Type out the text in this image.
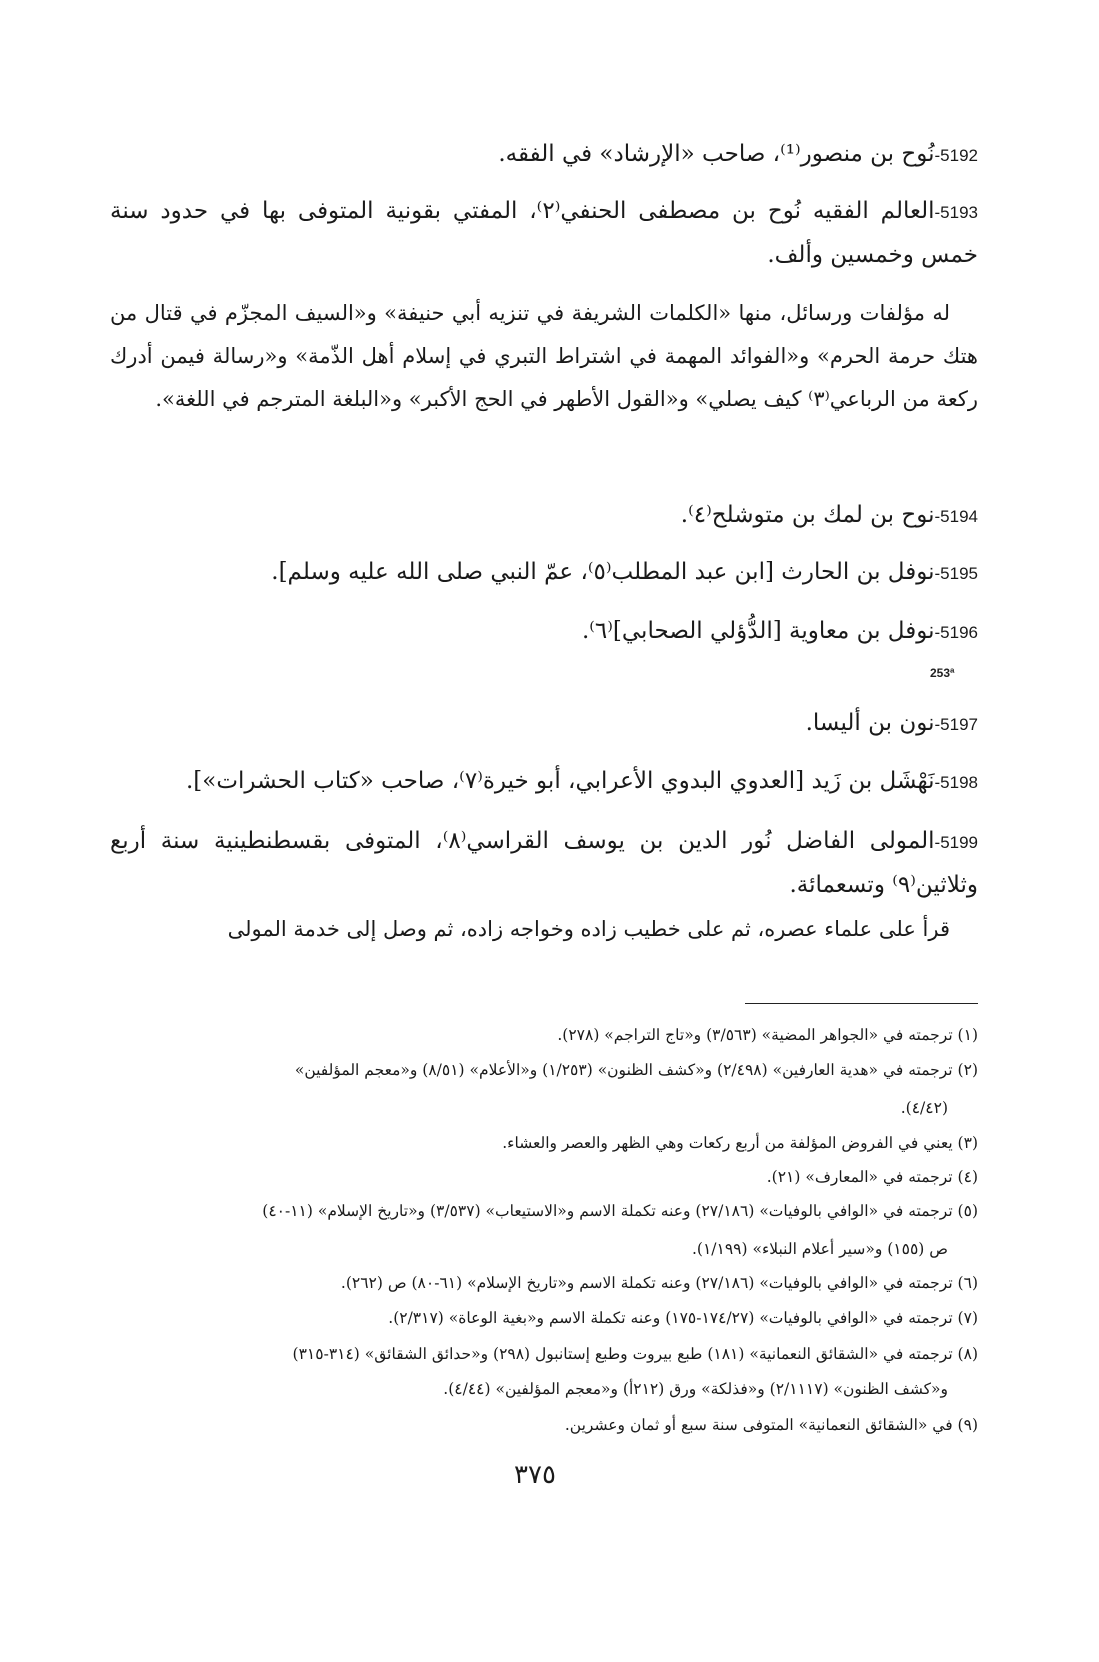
5192-نُوح بن منصور⁽¹⁾، صاحب «الإرشاد» في الفقه.

5193-العالم الفقيه نُوح بن مصطفى الحنفي⁽٢⁾، المفتي بقونية المتوفى بها في حدود سنة خمس وخمسين وألف.

له مؤلفات ورسائل، منها «الكلمات الشريفة في تنزيه أبي حنيفة» و«السيف المجزّم في قتال من هتك حرمة الحرم» و«الفوائد المهمة في اشتراط التبري في إسلام أهل الذّمة» و«رسالة فيمن أدرك ركعة من الرباعي⁽٣⁾ كيف يصلي» و«القول الأطهر في الحج الأكبر» و«البلغة المترجم في اللغة».

5194-نوح بن لمك بن متوشلح⁽٤⁾.

5195-نوفل بن الحارث [ابن عبد المطلب⁽٥⁾، عمّ النبي صلى الله عليه وسلم].

5196-نوفل بن معاوية [الدُّؤلي الصحابي]⁽٦⁾.

253ª

5197-نون بن أليسا.

5198-نَهْشَل بن زَيد [العدوي البدوي الأعرابي، أبو خيرة⁽٧⁾، صاحب «كتاب الحشرات»].

5199-المولى الفاضل نُور الدين بن يوسف القراسي⁽٨⁾، المتوفى بقسطنطينية سنة أربع وثلاثين⁽٩⁾ وتسعمائة.

قرأ على علماء عصره، ثم على خطيب زاده وخواجه زاده، ثم وصل إلى خدمة المولى

(١) ترجمته في «الجواهر المضية» (٣/٥٦٣) و«تاج التراجم» (٢٧٨).

(٢) ترجمته في «هدية العارفين» (٢/٤٩٨) و«كشف الظنون» (١/٢٥٣) و«الأعلام» (٨/٥١) و«معجم المؤلفين»

(٤/٤٢).

(٣) يعني في الفروض المؤلفة من أربع ركعات وهي الظهر والعصر والعشاء.

(٤) ترجمته في «المعارف» (٢١).

(٥) ترجمته في «الوافي بالوفيات» (٢٧/١٨٦) وعنه تكملة الاسم و«الاستيعاب» (٣/٥٣٧) و«تاريخ الإسلام» (١١-٤٠)

ص (١٥٥) و«سير أعلام النبلاء» (١/١٩٩).

(٦) ترجمته في «الوافي بالوفيات» (٢٧/١٨٦) وعنه تكملة الاسم و«تاريخ الإسلام» (٦١-٨٠) ص (٢٦٢).

(٧) ترجمته في «الوافي بالوفيات» (١٧٤/٢٧-١٧٥) وعنه تكملة الاسم و«بغية الوعاة» (٢/٣١٧).

(٨) ترجمته في «الشقائق النعمانية» (١٨١) طبع بيروت وطبع إستانبول (٢٩٨) و«حدائق الشقائق» (٣١٤-٣١٥)

و«كشف الظنون» (٢/١١١٧) و«فذلكة» ورق (٢١٢أ) و«معجم المؤلفين» (٤/٤٤).

(٩) في «الشقائق النعمانية» المتوفى سنة سبع أو ثمان وعشرين.

٣٧٥
